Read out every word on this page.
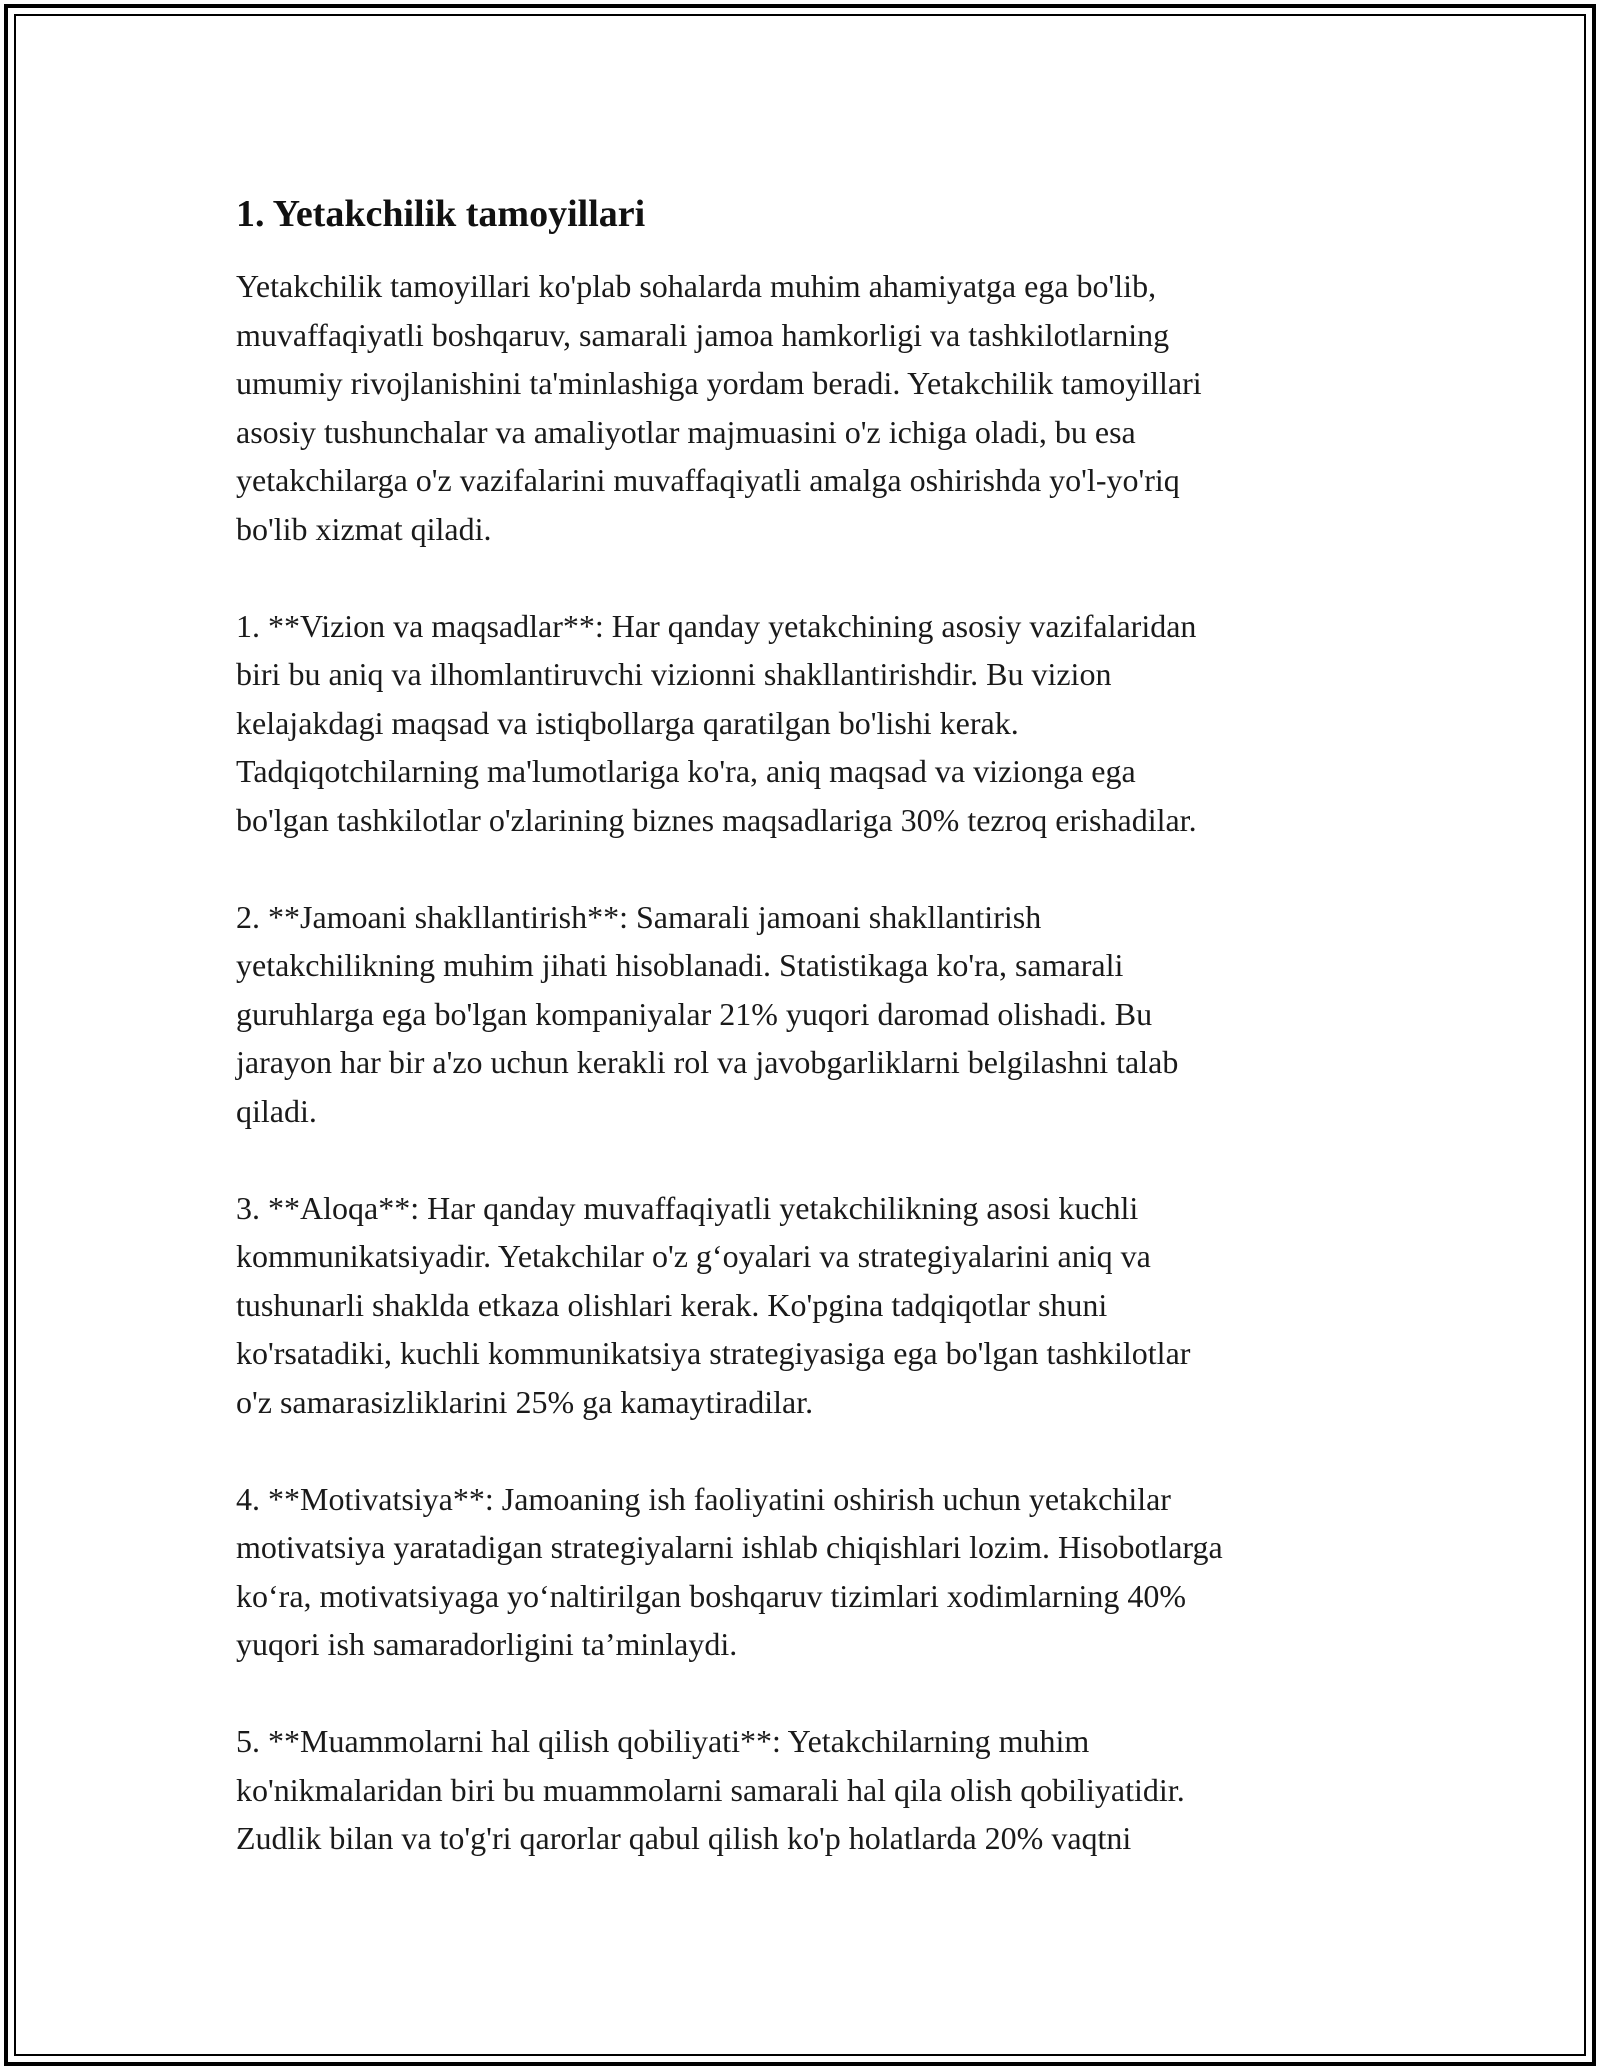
1. Yetakchilik tamoyillari
Yetakchilik tamoyillari ko'plab sohalarda muhim ahamiyatga ega bo'lib,
muvaffaqiyatli boshqaruv, samarali jamoa hamkorligi va tashkilotlarning
umumiy rivojlanishini ta'minlashiga yordam beradi. Yetakchilik tamoyillari
asosiy tushunchalar va amaliyotlar majmuasini o'z ichiga oladi, bu esa
yetakchilarga o'z vazifalarini muvaffaqiyatli amalga oshirishda yo'l-yo'riq
bo'lib xizmat qiladi.
1. **Vizion va maqsadlar**: Har qanday yetakchining asosiy vazifalaridan
biri bu aniq va ilhomlantiruvchi vizionni shakllantirishdir. Bu vizion
kelajakdagi maqsad va istiqbollarga qaratilgan bo'lishi kerak.
Tadqiqotchilarning ma'lumotlariga ko'ra, aniq maqsad va vizionga ega
bo'lgan tashkilotlar o'zlarining biznes maqsadlariga 30% tezroq erishadilar.
2. **Jamoani shakllantirish**: Samarali jamoani shakllantirish
yetakchilikning muhim jihati hisoblanadi. Statistikaga ko'ra, samarali
guruhlarga ega bo'lgan kompaniyalar 21% yuqori daromad olishadi. Bu
jarayon har bir a'zo uchun kerakli rol va javobgarliklarni belgilashni talab
qiladi.
3. **Aloqa**: Har qanday muvaffaqiyatli yetakchilikning asosi kuchli
kommunikatsiyadir. Yetakchilar o'z g‘oyalari va strategiyalarini aniq va
tushunarli shaklda etkaza olishlari kerak. Ko'pgina tadqiqotlar shuni
ko'rsatadiki, kuchli kommunikatsiya strategiyasiga ega bo'lgan tashkilotlar
o'z samarasizliklarini 25% ga kamaytiradilar.
4. **Motivatsiya**: Jamoaning ish faoliyatini oshirish uchun yetakchilar
motivatsiya yaratadigan strategiyalarni ishlab chiqishlari lozim. Hisobotlarga
ko‘ra, motivatsiyaga yo‘naltirilgan boshqaruv tizimlari xodimlarning 40%
yuqori ish samaradorligini ta’minlaydi.
5. **Muammolarni hal qilish qobiliyati**: Yetakchilarning muhim
ko'nikmalaridan biri bu muammolarni samarali hal qila olish qobiliyatidir.
Zudlik bilan va to'g'ri qarorlar qabul qilish ko'p holatlarda 20% vaqtni
